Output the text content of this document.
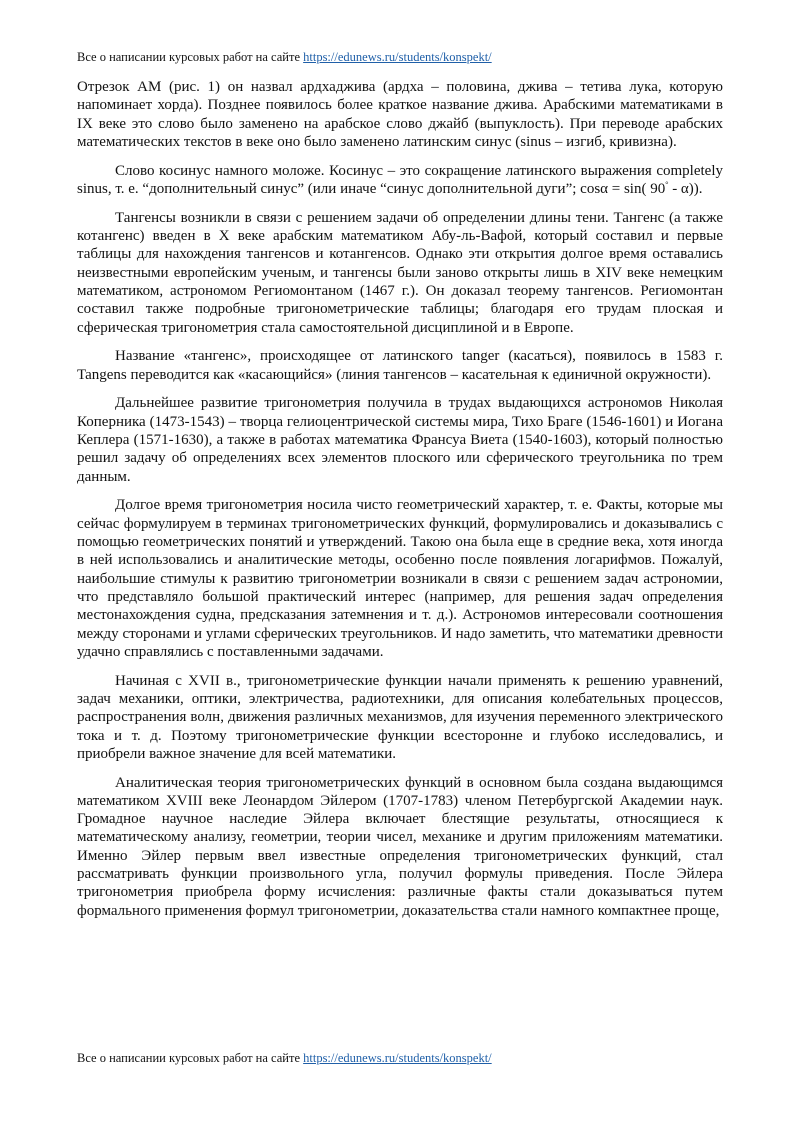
Все о написании курсовых работ на сайте https://edunews.ru/students/konspekt/

Отрезок AM (рис. 1) он назвал ардхаджива (ардха – половина, джива – тетива лука, которую напоминает хорда). Позднее появилось более краткое название джива. Арабскими математиками в IX веке это слово было заменено на арабское слово джайб (выпуклость). При переводе арабских математических текстов в веке оно было заменено латинским синус (sinus – изгиб, кривизна).

Слово косинус намного моложе. Косинус – это сокращение латинского выражения completely sinus, т. е. “дополнительный синус” (или иначе “синус дополнительной дуги”; cosα = sin( 90° - α)).

Тангенсы возникли в связи с решением задачи об определении длины тени. Тангенс (а также котангенс) введен в X веке арабским математиком Абу-ль-Вафой, который составил и первые таблицы для нахождения тангенсов и котангенсов. Однако эти открытия долгое время оставались неизвестными европейским ученым, и тангенсы были заново открыты лишь в XIV веке немецким математиком, астрономом Региомонтаном (1467 г.). Он доказал теорему тангенсов. Региомонтан составил также подробные тригонометрические таблицы; благодаря его трудам плоская и сферическая тригонометрия стала самостоятельной дисциплиной и в Европе.

Название «тангенс», происходящее от латинского tanger (касаться), появилось в 1583 г. Tangens переводится как «касающийся» (линия тангенсов – касательная к единичной окружности).

Дальнейшее развитие тригонометрия получила в трудах выдающихся астрономов Николая Коперника (1473-1543) – творца гелиоцентрической системы мира, Тихо Браге (1546-1601) и Иогана Кеплера (1571-1630), а также в работах математика Франсуа Виета (1540-1603), который полностью решил задачу об определениях всех элементов плоского или сферического треугольника по трем данным.

Долгое время тригонометрия носила чисто геометрический характер, т. е. Факты, которые мы сейчас формулируем в терминах тригонометрических функций, формулировались и доказывались с помощью геометрических понятий и утверждений. Такою она была еще в средние века, хотя иногда в ней использовались и аналитические методы, особенно после появления логарифмов. Пожалуй, наибольшие стимулы к развитию тригонометрии возникали в связи с решением задач астрономии, что представляло большой практический интерес (например, для решения задач определения местонахождения судна, предсказания затемнения и т. д.). Астрономов интересовали соотношения между сторонами и углами сферических треугольников. И надо заметить, что математики древности удачно справлялись с поставленными задачами.

Начиная с XVII в., тригонометрические функции начали применять к решению уравнений, задач механики, оптики, электричества, радиотехники, для описания колебательных процессов, распространения волн, движения различных механизмов, для изучения переменного электрического тока и т. д. Поэтому тригонометрические функции всесторонне и глубоко исследовались, и приобрели важное значение для всей математики.

Аналитическая теория тригонометрических функций в основном была создана выдающимся математиком XVIII веке Леонардом Эйлером (1707-1783) членом Петербургской Академии наук. Громадное научное наследие Эйлера включает блестящие результаты, относящиеся к математическому анализу, геометрии, теории чисел, механике и другим приложениям математики. Именно Эйлер первым ввел известные определения тригонометрических функций, стал рассматривать функции произвольного угла, получил формулы приведения. После Эйлера тригонометрия приобрела форму исчисления: различные факты стали доказываться путем формального применения формул тригонометрии, доказательства стали намного компактнее проще,

Все о написании курсовых работ на сайте https://edunews.ru/students/konspekt/
